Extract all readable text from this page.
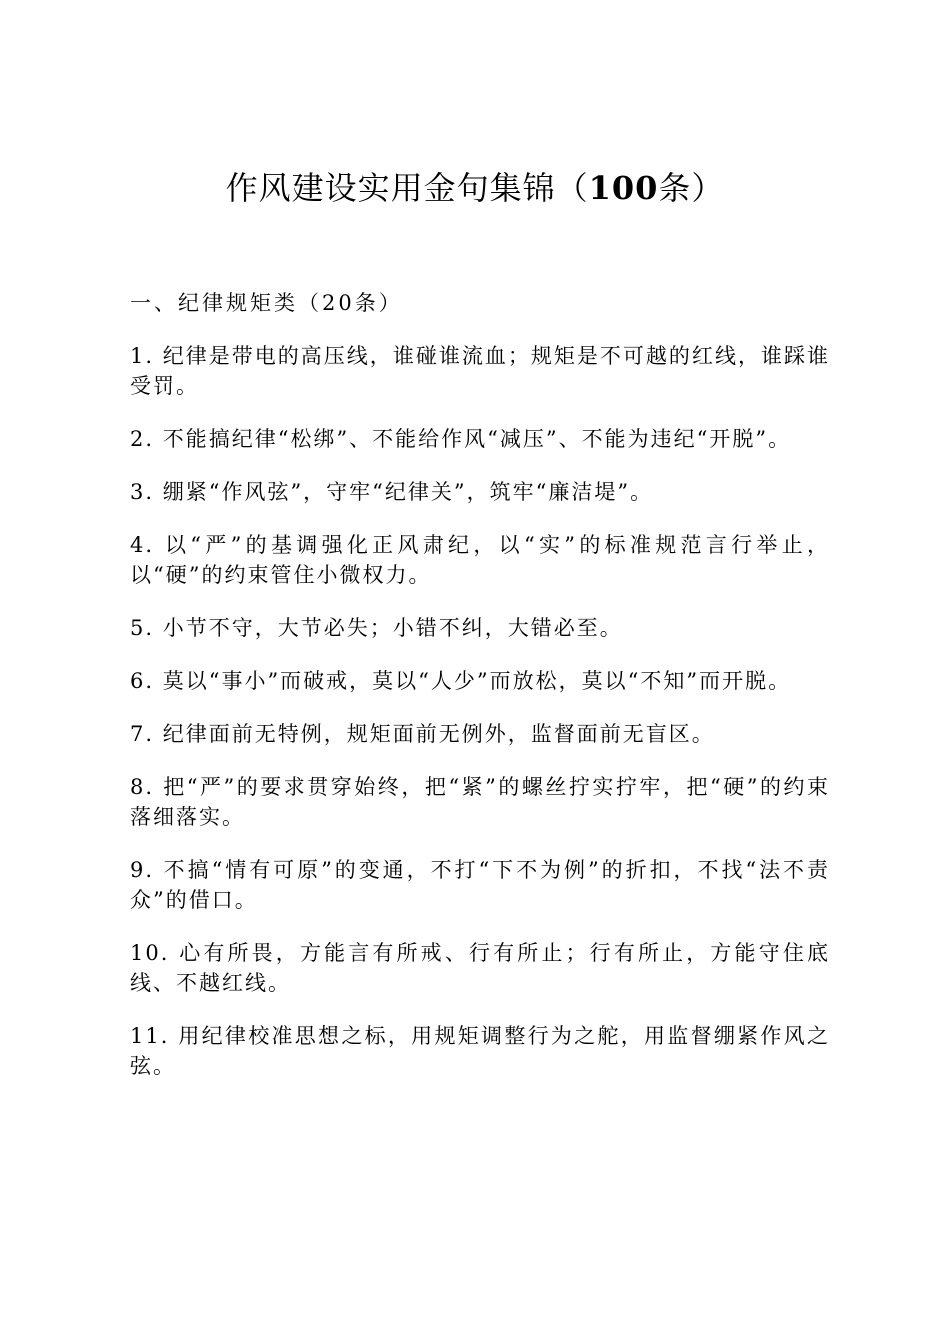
作风建设实用金句集锦（100条）
一、纪律规矩类（20条）

1. 纪律是带电的高压线，谁碰谁流血；规矩是不可越的红线，谁踩谁受罚。

2. 不能搞纪律“松绑”、不能给作风“减压”、不能为违纪“开脱”。

3. 绷紧“作风弦”，守牢“纪律关”，筑牢“廉洁堤”。

4. 以“严”的基调强化正风肃纪，以“实”的标准规范言行举止，以“硬”的约束管住小微权力。

5. 小节不守，大节必失；小错不纠，大错必至。

6. 莫以“事小”而破戒，莫以“人少”而放松，莫以“不知”而开脱。

7. 纪律面前无特例，规矩面前无例外，监督面前无盲区。

8. 把“严”的要求贯穿始终，把“紧”的螺丝拧实拧牢，把“硬”的约束落细落实。

9. 不搞“情有可原”的变通，不打“下不为例”的折扣，不找“法不责众”的借口。

10. 心有所畏，方能言有所戒、行有所止；行有所止，方能守住底线、不越红线。

11. 用纪律校准思想之标，用规矩调整行为之舵，用监督绷紧作风之弦。
